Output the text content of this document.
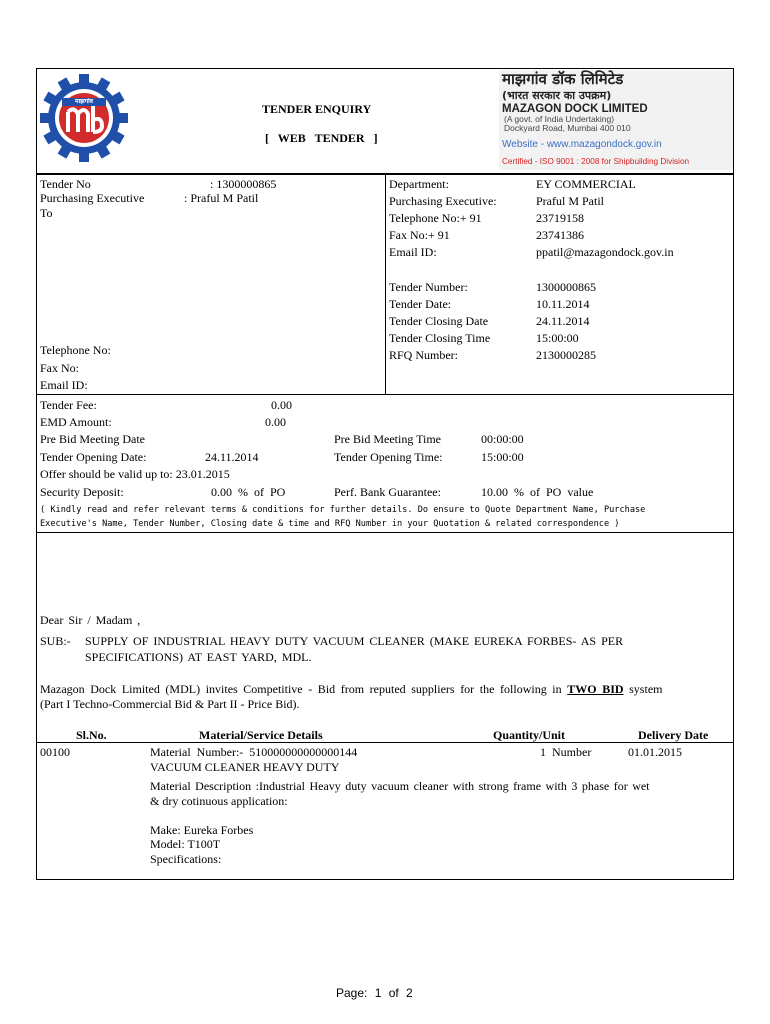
माझगांव
TENDER ENQUIRY
[ WEB TENDER ]
माझगांव डॉक लिमिटेड
(भारत सरकार का उपक्रम)
MAZAGON DOCK LIMITED
(A govt. of India Undertaking)
Dockyard Road, Mumbai 400 010
Website - www.mazagondock.gov.in
Certified - ISO 9001 : 2008 for Shipbuilding Division
Tender No	: 1300000865
Purchasing Executive	: Praful M Patil
To
Telephone No:
Fax No:
Email ID:
Department:	EY COMMERCIAL
Purchasing Executive:	Praful M Patil
Telephone No:+ 91	23719158
Fax No:+ 91	23741386
Email ID:	ppatil@mazagondock.gov.in
Tender Number:	1300000865
Tender Date:	10.11.2014
Tender Closing Date	24.11.2014
Tender Closing Time	15:00:00
RFQ Number:	2130000285
Tender Fee:	0.00
EMD Amount:	0.00
Pre Bid Meeting Date	Pre Bid Meeting Time	00:00:00
Tender Opening Date:	24.11.2014	Tender Opening Time:	15:00:00
Offer should be valid up to: 23.01.2015
Security Deposit:	0.00 % of PO	Perf. Bank Guarantee:	10.00 % of PO value
( Kindly read and refer relevant terms & conditions for further details. Do ensure to Quote Department Name, Purchase
Executive's Name, Tender Number, Closing date & time and RFQ Number in your Quotation & related correspondence )
Dear Sir / Madam ,
SUB:- SUPPLY OF INDUSTRIAL HEAVY DUTY VACUUM CLEANER (MAKE EUREKA FORBES- AS PER
SPECIFICATIONS) AT EAST YARD, MDL.
Mazagon Dock Limited (MDL) invites Competitive - Bid from reputed suppliers for the following in TWO BID system
(Part I Techno-Commercial Bid & Part II - Price Bid).
Sl.No.	Material/Service Details	Quantity/Unit	Delivery Date
00100	Material Number:- 510000000000000144	1 Number	01.01.2015
VACUUM CLEANER HEAVY DUTY
Material Description :Industrial Heavy duty vacuum cleaner with strong frame with 3 phase for wet
& dry cotinuous application:
Make: Eureka Forbes
Model: T100T
Specifications:
Page: 1 of 2
